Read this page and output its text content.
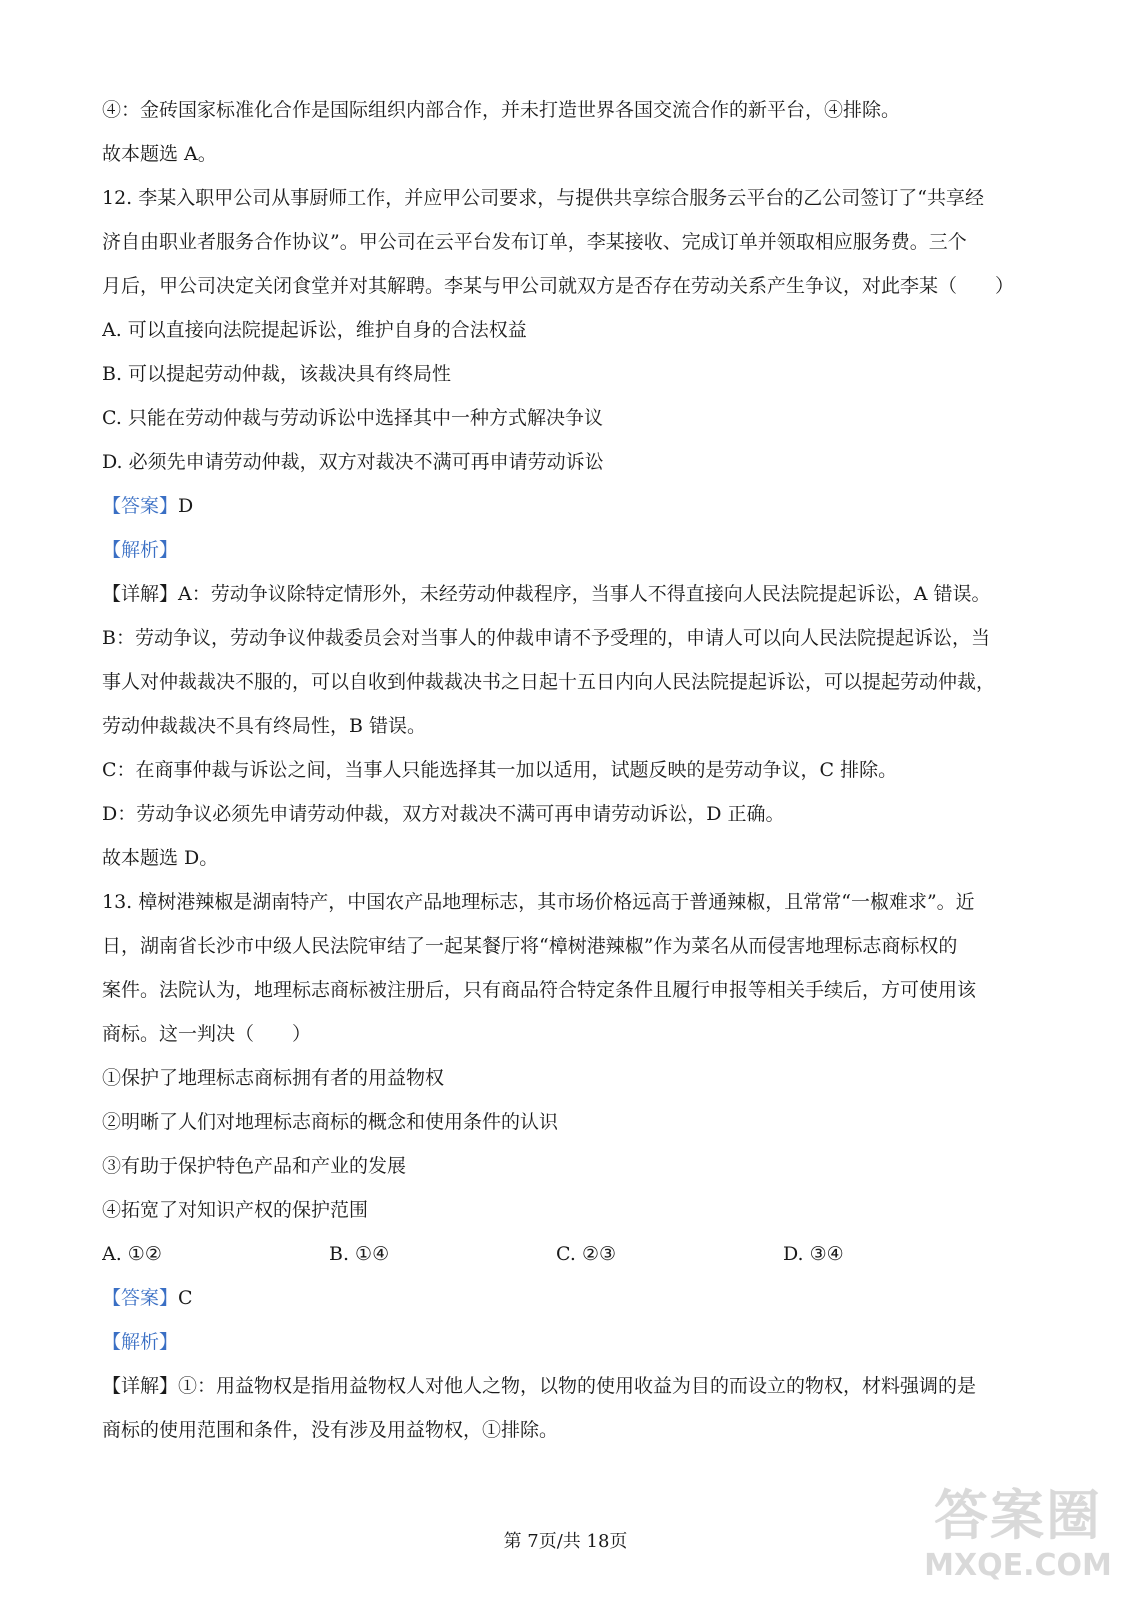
④：金砖国家标准化合作是国际组织内部合作，并未打造世界各国交流合作的新平台，④排除。
故本题选 A。
12. 李某入职甲公司从事厨师工作，并应甲公司要求，与提供共享综合服务云平台的乙公司签订了“共享经
济自由职业者服务合作协议”。甲公司在云平台发布订单，李某接收、完成订单并领取相应服务费。三个
月后，甲公司决定关闭食堂并对其解聘。李某与甲公司就双方是否存在劳动关系产生争议，对此李某（　　）
A. 可以直接向法院提起诉讼，维护自身的合法权益
B. 可以提起劳动仲裁，该裁决具有终局性
C. 只能在劳动仲裁与劳动诉讼中选择其中一种方式解决争议
D. 必须先申请劳动仲裁，双方对裁决不满可再申请劳动诉讼
【答案】D
【解析】
【详解】A：劳动争议除特定情形外，未经劳动仲裁程序，当事人不得直接向人民法院提起诉讼，A 错误。
B：劳动争议，劳动争议仲裁委员会对当事人的仲裁申请不予受理的，申请人可以向人民法院提起诉讼，当
事人对仲裁裁决不服的，可以自收到仲裁裁决书之日起十五日内向人民法院提起诉讼，可以提起劳动仲裁，
劳动仲裁裁决不具有终局性，B 错误。
C：在商事仲裁与诉讼之间，当事人只能选择其一加以适用，试题反映的是劳动争议，C 排除。
D：劳动争议必须先申请劳动仲裁，双方对裁决不满可再申请劳动诉讼，D 正确。
故本题选 D。
13. 樟树港辣椒是湖南特产，中国农产品地理标志，其市场价格远高于普通辣椒，且常常“一椒难求”。近
日，湖南省长沙市中级人民法院审结了一起某餐厅将“樟树港辣椒”作为菜名从而侵害地理标志商标权的
案件。法院认为，地理标志商标被注册后，只有商品符合特定条件且履行申报等相关手续后，方可使用该
商标。这一判决（　　）
①保护了地理标志商标拥有者的用益物权
②明晰了人们对地理标志商标的概念和使用条件的认识
③有助于保护特色产品和产业的发展
④拓宽了对知识产权的保护范围
A. ①②	B. ①④	C. ②③	D. ③④
【答案】C
【解析】
【详解】①：用益物权是指用益物权人对他人之物，以物的使用收益为目的而设立的物权，材料强调的是
商标的使用范围和条件，没有涉及用益物权，①排除。
第 7页/共 18页	答案圈
MXQE.COM
